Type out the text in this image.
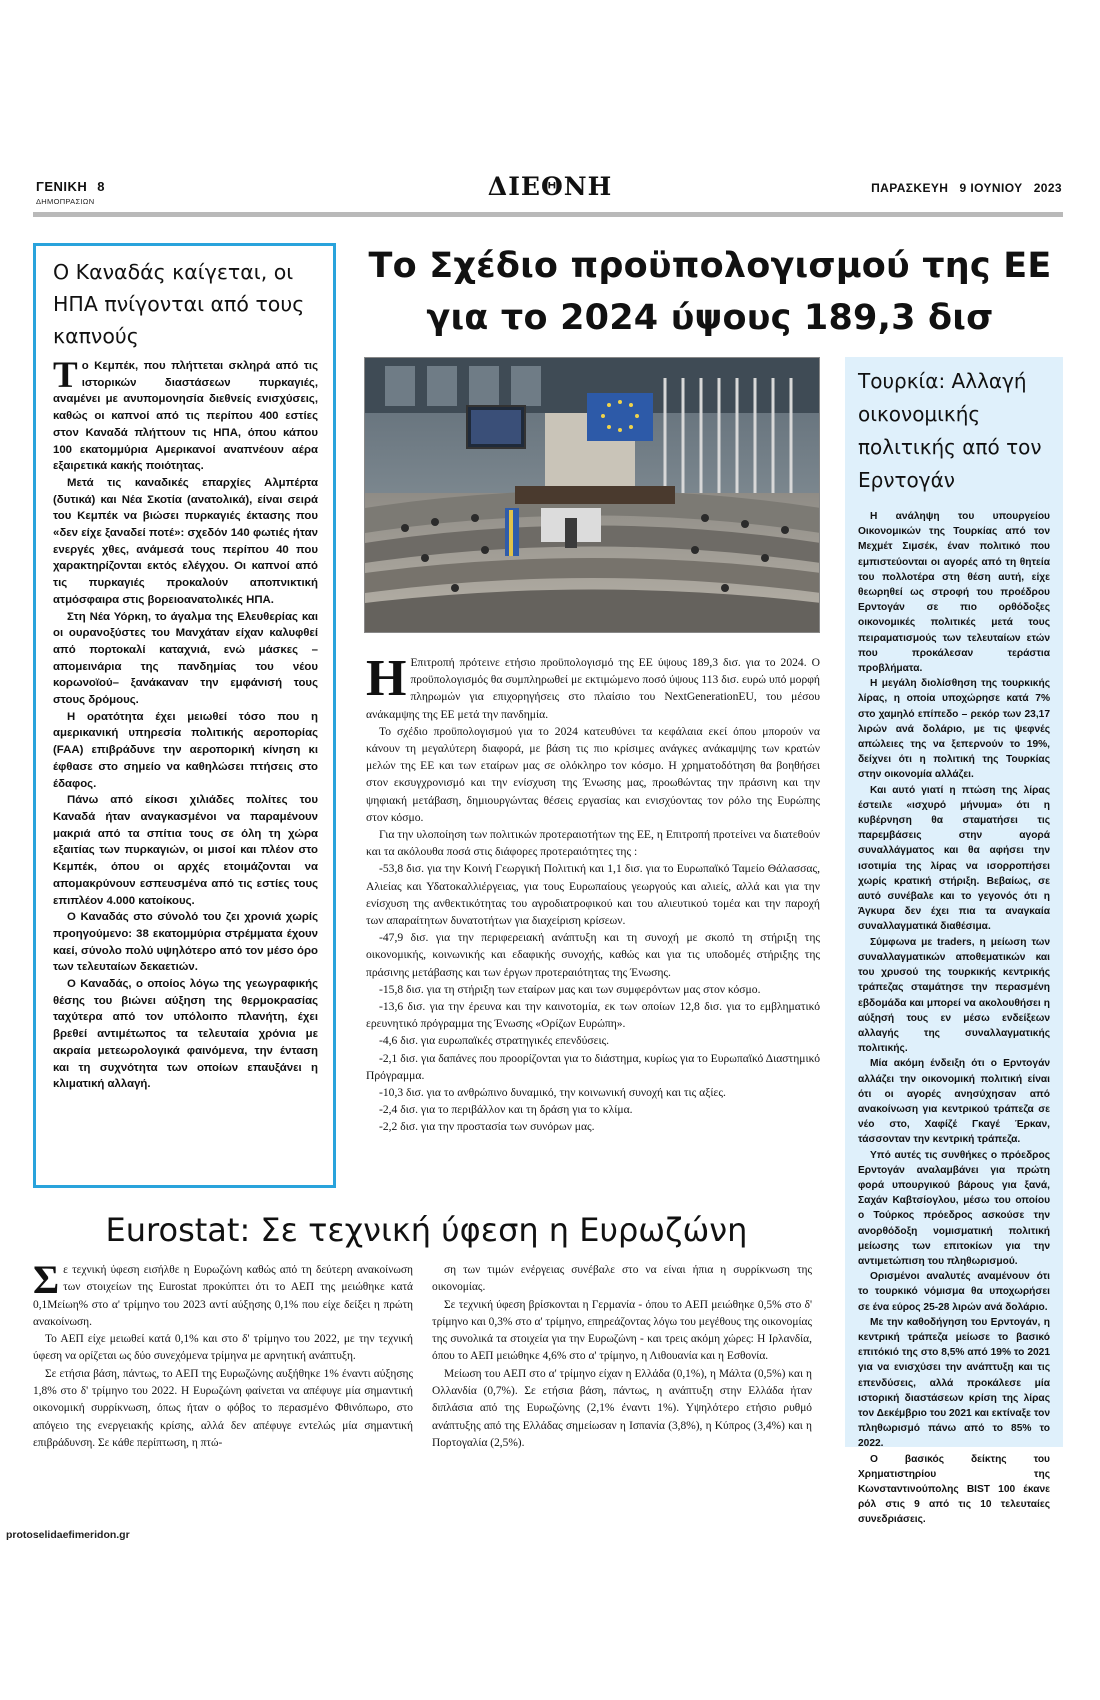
ΓΕΝΙΚΗ 8
ΔΗΜΟΠΡΑΣΙΩΝ
ΔΙΕΘΝΗ	ΠΑΡΑΣΚΕΥΗ   9 ΙΟΥΝΙΟΥ   2023
Ο Καναδάς καίγεται, οι ΗΠΑ πνίγονται από τους καπνούς

Το Κεμπέκ, που πλήττεται σκληρά από τις ιστορικών διαστάσεων πυρκαγιές, αναμένει με ανυπομονησία διεθνείς ενισχύσεις, καθώς οι καπνοί από τις περίπου 400 εστίες στον Καναδά πλήττουν τις ΗΠΑ, όπου κάπου 100 εκατομμύρια Αμερικανοί αναπνέουν αέρα εξαιρετικά κακής ποιότητας.

Μετά τις καναδικές επαρχίες Αλμπέρτα (δυτικά) και Νέα Σκοτία (ανατολικά), είναι σειρά του Κεμπέκ να βιώσει πυρκαγιές έκτασης που «δεν είχε ξαναδεί ποτέ»: σχεδόν 140 φωτιές ήταν ενεργές χθες, ανάμεσά τους περίπου 40 που χαρακτηρίζονται εκτός ελέγχου. Οι καπνοί από τις πυρκαγιές προκαλούν αποπνικτική ατμόσφαιρα στις βορειοανατολικές ΗΠΑ.

Στη Νέα Υόρκη, το άγαλμα της Ελευθερίας και οι ουρανοξύστες του Μανχάταν είχαν καλυφθεί από πορτοκαλί καταχνιά, ενώ μάσκες –απομεινάρια της πανδημίας του νέου κορωνοϊού– ξανάκαναν την εμφάνισή τους στους δρόμους.

Η ορατότητα έχει μειωθεί τόσο που η αμερικανική υπηρεσία πολιτικής αεροπορίας (FAA) επιβράδυνε την αεροπορική κίνηση κι έφθασε στο σημείο να καθηλώσει πτήσεις στο έδαφος.

Πάνω από είκοσι χιλιάδες πολίτες του Καναδά ήταν αναγκασμένοι να παραμένουν μακριά από τα σπίτια τους σε όλη τη χώρα εξαιτίας των πυρκαγιών, οι μισοί και πλέον στο Κεμπέκ, όπου οι αρχές ετοιμάζονται να απομακρύνουν εσπευσμένα από τις εστίες τους επιπλέον 4.000 κατοίκους.

Ο Καναδάς στο σύνολό του ζει χρονιά χωρίς προηγούμενο: 38 εκατομμύρια στρέμματα έχουν καεί, σύνολο πολύ υψηλότερο από τον μέσο όρο των τελευταίων δεκαετιών.

Ο Καναδάς, ο οποίος λόγω της γεωγραφικής θέσης του βιώνει αύξηση της θερμοκρασίας ταχύτερα από τον υπόλοιπο πλανήτη, έχει βρεθεί αντιμέτωπος τα τελευταία χρόνια με ακραία μετεωρολογικά φαινόμενα, την ένταση και τη συχνότητα των οποίων επαυξάνει η κλιματική αλλαγή.

Το Σχέδιο προϋπολογισμού της ΕΕ για το 2024 ύψους 189,3 δισ

Η Επιτροπή πρότεινε ετήσιο προϋπολογισμό της ΕΕ ύψους 189,3 δισ. για το 2024. Ο προϋπολογισμός θα συμπληρωθεί με εκτιμώμενο ποσό ύψους 113 δισ. ευρώ υπό μορφή πληρωμών για επιχορηγήσεις στο πλαίσιο του NextGenerationEU, του μέσου ανάκαμψης της ΕΕ μετά την πανδημία.

Το σχέδιο προϋπολογισμού για το 2024 κατευθύνει τα κεφάλαια εκεί όπου μπορούν να κάνουν τη μεγαλύτερη διαφορά, με βάση τις πιο κρίσιμες ανάγκες ανάκαμψης των κρατών μελών της ΕΕ και των εταίρων μας σε ολόκληρο τον κόσμο. Η χρηματοδότηση θα βοηθήσει στον εκσυγχρονισμό και την ενίσχυση της Ένωσης μας, προωθώντας την πράσινη και την ψηφιακή μετάβαση, δημιουργώντας θέσεις εργασίας και ενισχύοντας τον ρόλο της Ευρώπης στον κόσμο.

Για την υλοποίηση των πολιτικών προτεραιοτήτων της ΕΕ, η Επιτροπή προτείνει να διατεθούν και τα ακόλουθα ποσά στις διάφορες προτεραιότητες της :

-53,8 δισ. για την Κοινή Γεωργική Πολιτική και 1,1 δισ. για το Ευρωπαϊκό Ταμείο Θάλασσας, Αλιείας και Υδατοκαλλιέργειας, για τους Ευρωπαίους γεωργούς και αλιείς, αλλά και για την ενίσχυση της ανθεκτικότητας του αγροδιατροφικού και του αλιευτικού τομέα και την παροχή των απαραίτητων δυνατοτήτων για διαχείριση κρίσεων.

-47,9 δισ. για την περιφερειακή ανάπτυξη και τη συνοχή με σκοπό τη στήριξη της οικονομικής, κοινωνικής και εδαφικής συνοχής, καθώς και για τις υποδομές στήριξης της πράσινης μετάβασης και των έργων προτεραιότητας της Ένωσης.

-15,8 δισ. για τη στήριξη των εταίρων μας και των συμφερόντων μας στον κόσμο.

-13,6 δισ. για την έρευνα και την καινοτομία, εκ των οποίων 12,8 δισ. για το εμβληματικό ερευνητικό πρόγραμμα της Ένωσης «Ορίζων Ευρώπη».

-4,6 δισ. για ευρωπαϊκές στρατηγικές επενδύσεις.

-2,1 δισ. για δαπάνες που προορίζονται για το διάστημα, κυρίως για το Ευρωπαϊκό Διαστημικό Πρόγραμμα.

-10,3 δισ. για το ανθρώπινο δυναμικό, την κοινωνική συνοχή και τις αξίες.

-2,4 δισ. για το περιβάλλον και τη δράση για το κλίμα.

-2,2 δισ. για την προστασία των συνόρων μας.

Τουρκία: Αλλαγή οικονομικής πολιτικής από τον Ερντογάν

Η ανάληψη του υπουργείου Οικονομικών της Τουρκίας από τον Μεχμέτ Σιμσέκ, έναν πολιτικό που εμπιστεύονται οι αγορές από τη θητεία του πολλοτέρα στη θέση αυτή, είχε θεωρηθεί ως στροφή του προέδρου Ερντογάν σε πιο ορθόδοξες οικονομικές πολιτικές μετά τους πειραματισμούς των τελευταίων ετών που προκάλεσαν τεράστια προβλήματα.

Η μεγάλη διολίσθηση της τουρκικής λίρας, η οποία υποχώρησε κατά 7% στο χαμηλό επίπεδο – ρεκόρ των 23,17 λιρών ανά δολάριο, με τις ψεφνές απώλειες της να ξεπερνούν το 19%, δείχνει ότι η πολιτική της Τουρκίας στην οικονομία αλλάζει.

Και αυτό γιατί η πτώση της λίρας έστειλε «ισχυρό μήνυμα» ότι η κυβέρνηση θα σταματήσει τις παρεμβάσεις στην αγορά συναλλάγματος και θα αφήσει την ισοτιμία της λίρας να ισορροπήσει χωρίς κρατική στήριξη. Βεβαίως, σε αυτό συνέβαλε και το γεγονός ότι η Άγκυρα δεν έχει πια τα αναγκαία συναλλαγματικά διαθέσιμα.

Σύμφωνα με traders, η μείωση των συναλλαγματικών αποθεματικών και του χρυσού της τουρκικής κεντρικής τράπεζας σταμάτησε την περασμένη εβδομάδα και μπορεί να ακολουθήσει η αύξησή τους εν μέσω ενδείξεων αλλαγής της συναλλαγματικής πολιτικής.

Μία ακόμη ένδειξη ότι ο Ερντογάν αλλάζει την οικονομική πολιτική είναι ότι οι αγορές ανησύχησαν από ανακοίνωση για κεντρικού τράπεζα σε νέο στο, Χαφίζέ Γκαγέ Έρκαν, τάσσονταν την κεντρική τράπεζα.

Υπό αυτές τις συνθήκες ο πρόεδρος Ερντογάν αναλαμβάνει για πρώτη φορά υπουργικού βάρους για ξανά, Σαχάν Καβτσίογλου, μέσω του οποίου ο Τούρκος πρόεδρος ασκούσε την ανορθόδοξη νομισματική πολιτική μείωσης των επιτοκίων για την αντιμετώπιση του πληθωρισμού.

Ορισμένοι αναλυτές αναμένουν ότι το τουρκικό νόμισμα θα υποχωρήσει σε ένα εύρος 25-28 λιρών ανά δολάριο.

Με την καθοδήγηση του Ερντογάν, η κεντρική τράπεζα μείωσε το βασικό επιτόκιό της στο 8,5% από 19% το 2021 για να ενισχύσει την ανάπτυξη και τις επενδύσεις, αλλά προκάλεσε μία ιστορική διαστάσεων κρίση της λίρας τον Δεκέμβριο του 2021 και εκτίναξε τον πληθωρισμό πάνω από το 85% το 2022.

Ο βασικός δείκτης του Χρηματιστηρίου της Κωνσταντινούπολης BIST 100 έκανε ρόλ στις 9 από τις 10 τελευταίες συνεδριάσεις.

Eurostat: Σε τεχνική ύφεση η Ευρωζώνη

Σε τεχνική ύφεση εισήλθε η Ευρωζώνη καθώς από τη δεύτερη ανακοίνωση των στοιχείων της Eurostat προκύπτει ότι το ΑΕΠ της μειώθηκε κατά 0,1Μείωη% στο α' τρίμηνο του 2023 αντί αύξησης 0,1% που είχε δείξει η πρώτη ανακοίνωση.

Το ΑΕΠ είχε μειωθεί κατά 0,1% και στο δ' τρίμηνο του 2022, με την τεχνική ύφεση να ορίζεται ως δύο συνεχόμενα τρίμηνα με αρνητική ανάπτυξη.

Σε ετήσια βάση, πάντως, το ΑΕΠ της Ευρωζώνης αυξήθηκε 1% έναντι αύξησης 1,8% στο δ' τρίμηνο του 2022. Η Ευρωζώνη φαίνεται να απέφυγε μία σημαντική οικονομική συρρίκνωση, όπως ήταν ο φόβος το περασμένο Φθινόπωρο, στο απόγειο της ενεργειακής κρίσης, αλλά δεν απέφυγε εντελώς μία σημαντική επιβράδυνση. Σε κάθε περίπτωση, η πτώ-

ση των τιμών ενέργειας συνέβαλε στο να είναι ήπια η συρρίκνωση της οικονομίας.

Σε τεχνική ύφεση βρίσκονται η Γερμανία - όπου το ΑΕΠ μειώθηκε 0,5% στο δ' τρίμηνο και 0,3% στο α' τρίμηνο, επηρεάζοντας λόγω του μεγέθους της οικονομίας της συνολικά τα στοιχεία για την Ευρωζώνη - και τρεις ακόμη χώρες: Η Ιρλανδία, όπου το ΑΕΠ μειώθηκε 4,6% στο α' τρίμηνο, η Λιθουανία και η Εσθονία.

Μείωση του ΑΕΠ στο α' τρίμηνο είχαν η Ελλάδα (0,1%), η Μάλτα (0,5%) και η Ολλανδία (0,7%). Σε ετήσια βάση, πάντως, η ανάπτυξη στην Ελλάδα ήταν διπλάσια από της Ευρωζώνης (2,1% έναντι 1%). Υψηλότερο ετήσιο ρυθμό ανάπτυξης από της Ελλάδας σημείωσαν η Ισπανία (3,8%), η Κύπρος (3,4%) και η Πορτογαλία (2,5%).

protoselidaefimeridon.gr
